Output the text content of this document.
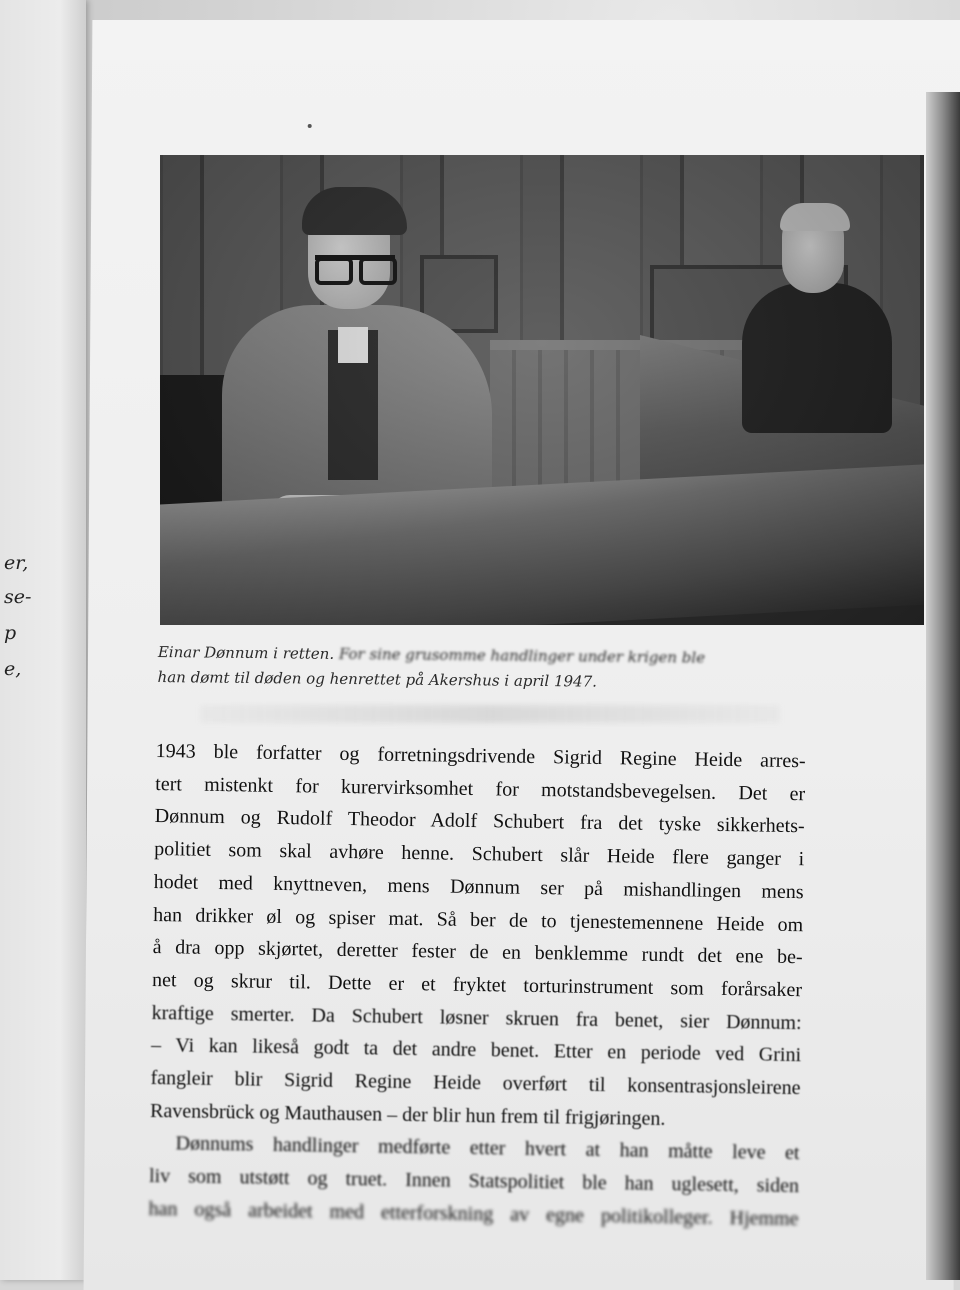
er,
se-
p
e,
Einar Dønnum i retten. For sine grusomme handlinger under krigen ble
han dømt til døden og henrettet på Akershus i april 1947.
1943 ble forfatter og forretningsdrivende Sigrid Regine Heide arres-
tert mistenkt for kurervirksomhet for motstandsbevegelsen. Det er
Dønnum og Rudolf Theodor Adolf Schubert fra det tyske sikkerhets-
politiet som skal avhøre henne. Schubert slår Heide flere ganger i
hodet med knyttneven, mens Dønnum ser på mishandlingen mens
han drikker øl og spiser mat. Så ber de to tjenestemennene Heide om
å dra opp skjørtet, deretter fester de en benklemme rundt det ene be-
net og skrur til. Dette er et fryktet torturinstrument som forårsaker
kraftige smerter. Da Schubert løsner skruen fra benet, sier Dønnum:
– Vi kan likeså godt ta det andre benet. Etter en periode ved Grini
fangleir blir Sigrid Regine Heide overført til konsentrasjonsleirene
Ravensbrück og Mauthausen – der blir hun frem til frigjøringen.
Dønnums handlinger medførte etter hvert at han måtte leve et
liv som utstøtt og truet. Innen Statspolitiet ble han uglesett, siden
han også arbeidet med etterforskning av egne politikolleger. Hjemme
